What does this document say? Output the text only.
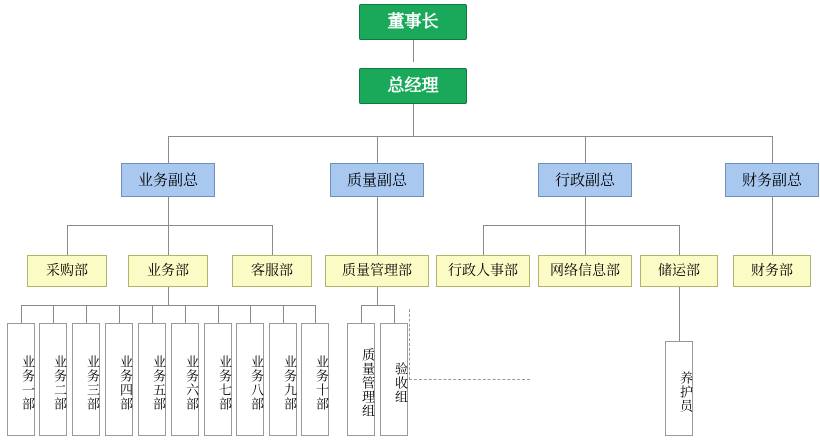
董事长
总经理
业务副总	质量副总	行政副总	财务副总
采购部	业务部	客服部	质量管理部	行政人事部 网络信息部	储运部	财务部
业务一部 业务二部 业务三部 业务四部 业务五部 业务六部 业务七部 业务八部 业务九部 业务十部 质量管理组 验收组	养护员
